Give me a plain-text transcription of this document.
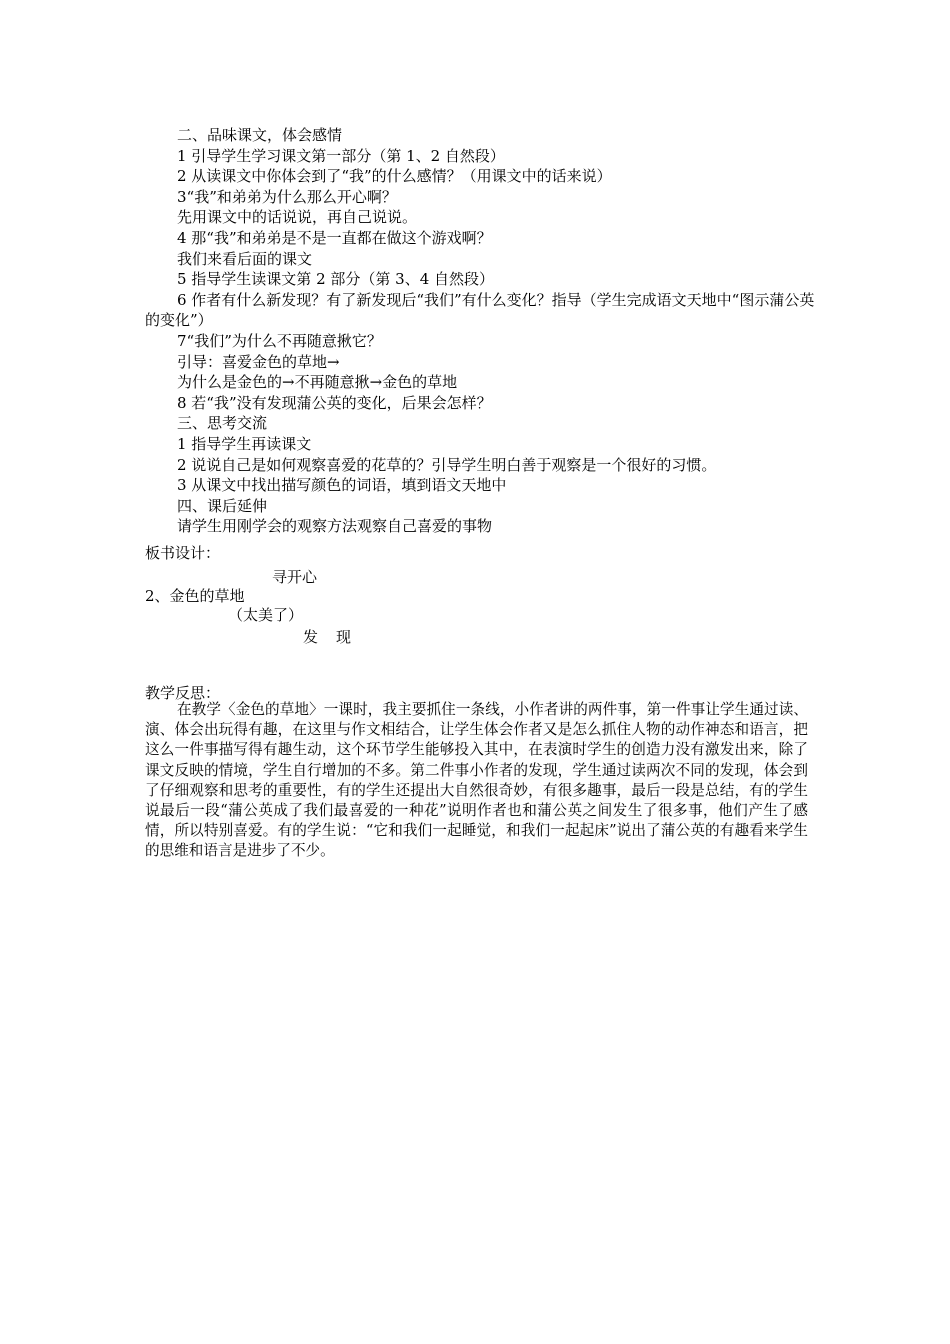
二、品味课文，体会感情
1 引导学生学习课文第一部分（第 1、2 自然段）
2 从读课文中你体会到了“我”的什么感情？（用课文中的话来说）
3“我”和弟弟为什么那么开心啊？
先用课文中的话说说，再自己说说。
4 那“我”和弟弟是不是一直都在做这个游戏啊？
我们来看后面的课文
5 指导学生读课文第 2 部分（第 3、4 自然段）
6 作者有什么新发现？有了新发现后“我们”有什么变化？指导（学生完成语文天地中“图示蒲公英的变化”）
7“我们”为什么不再随意揪它？
引导：喜爱金色的草地→
为什么是金色的→不再随意揪→金色的草地
8 若“我”没有发现蒲公英的变化，后果会怎样？
三、思考交流
1 指导学生再读课文
2 说说自己是如何观察喜爱的花草的？引导学生明白善于观察是一个很好的习惯。
3 从课文中找出描写颜色的词语，填到语文天地中
四、课后延伸
请学生用刚学会的观察方法观察自己喜爱的事物
板书设计：
寻开心
2、金色的草地
（太美了）
发现
教学反思：
在教学〈金色的草地〉一课时，我主要抓住一条线，小作者讲的两件事，第一件事让学生通过读、演、体会出玩得有趣，在这里与作文相结合，让学生体会作者又是怎么抓住人物的动作神态和语言，把这么一件事描写得有趣生动，这个环节学生能够投入其中，在表演时学生的创造力没有激发出来，除了课文反映的情境，学生自行增加的不多。第二件事小作者的发现，学生通过读两次不同的发现，体会到了仔细观察和思考的重要性，有的学生还提出大自然很奇妙，有很多趣事，最后一段是总结，有的学生说最后一段“蒲公英成了我们最喜爱的一种花”说明作者也和蒲公英之间发生了很多事，他们产生了感情，所以特别喜爱。有的学生说：“它和我们一起睡觉，和我们一起起床”说出了蒲公英的有趣看来学生的思维和语言是进步了不少。
